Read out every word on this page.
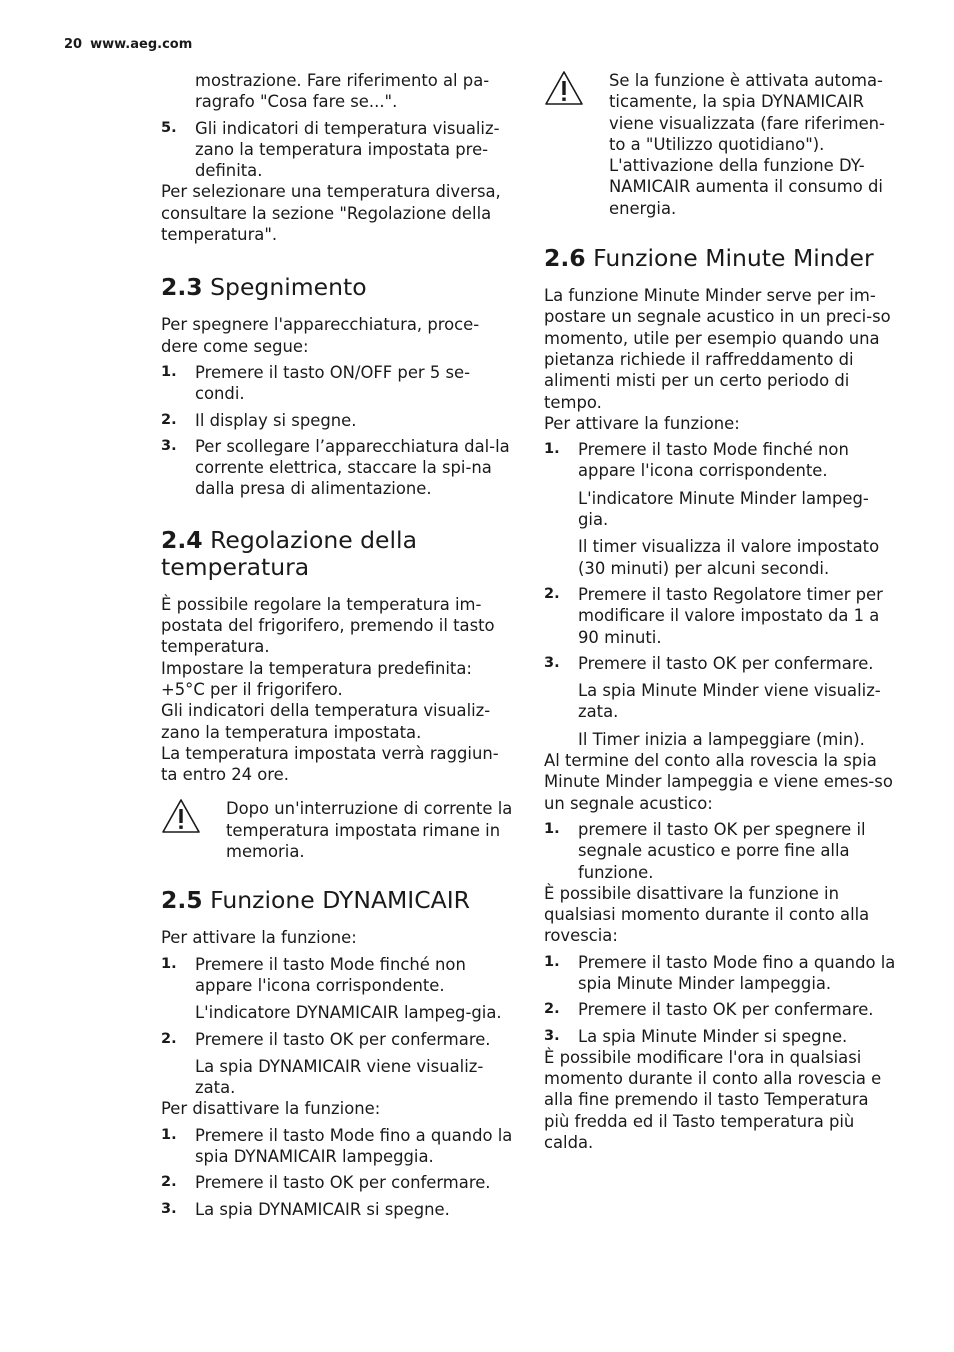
20 www.aeg.com

mostrazione. Fare riferimento al pa-ragrafo "Cosa fare se...".

5. Gli indicatori di temperatura visualiz-zano la temperatura impostata pre-definita.

Per selezionare una temperatura diversa, consultare la sezione "Regolazione della temperatura".

2.3 Spegnimento

Per spegnere l'apparecchiatura, proce-dere come segue:

1. Premere il tasto ON/OFF per 5 se-condi.
2. Il display si spegne.
3. Per scollegare l’apparecchiatura dal-la corrente elettrica, staccare la spi-na dalla presa di alimentazione.
2.4 Regolazione della temperatura

È possibile regolare la temperatura im-postata del frigorifero, premendo il tasto temperatura.

Impostare la temperatura predefinita: +5°C per il frigorifero.

Gli indicatori della temperatura visualiz-zano la temperatura impostata.

La temperatura impostata verrà raggiun-ta entro 24 ore.

Dopo un'interruzione di corrente la temperatura impostata rimane in memoria.

2.5 Funzione DYNAMICAIR

Per attivare la funzione:

1. Premere il tasto Mode finché non appare l'icona corrispondente.

L'indicatore DYNAMICAIR lampeg-gia.

2. Premere il tasto OK per confermare.

La spia DYNAMICAIR viene visualiz-zata.

Per disattivare la funzione:

1. Premere il tasto Mode fino a quando la spia DYNAMICAIR lampeggia.
2. Premere il tasto OK per confermare.
3. La spia DYNAMICAIR si spegne.

Se la funzione è attivata automa-ticamente, la spia DYNAMICAIR viene visualizzata (fare riferimen-to a "Utilizzo quotidiano"). L'attivazione della funzione DY-NAMICAIR aumenta il consumo di energia.

2.6 Funzione Minute Minder

La funzione Minute Minder serve per im-postare un segnale acustico in un preci-so momento, utile per esempio quando una pietanza richiede il raffreddamento di alimenti misti per un certo periodo di tempo.

Per attivare la funzione:

1. Premere il tasto Mode finché non appare l'icona corrispondente.

L'indicatore Minute Minder lampeg-gia.

Il timer visualizza il valore impostato (30 minuti) per alcuni secondi.

2. Premere il tasto Regolatore timer per modificare il valore impostato da 1 a 90 minuti.
3. Premere il tasto OK per confermare.

La spia Minute Minder viene visualiz-zata.

Il Timer inizia a lampeggiare (min).

Al termine del conto alla rovescia la spia Minute Minder lampeggia e viene emes-so un segnale acustico:

1. premere il tasto OK per spegnere il segnale acustico e porre fine alla funzione.

È possibile disattivare la funzione in qualsiasi momento durante il conto alla rovescia:

1. Premere il tasto Mode fino a quando la spia Minute Minder lampeggia.
2. Premere il tasto OK per confermare.
3. La spia Minute Minder si spegne.

È possibile modificare l'ora in qualsiasi momento durante il conto alla rovescia e alla fine premendo il tasto Temperatura più fredda ed il Tasto temperatura più calda.
